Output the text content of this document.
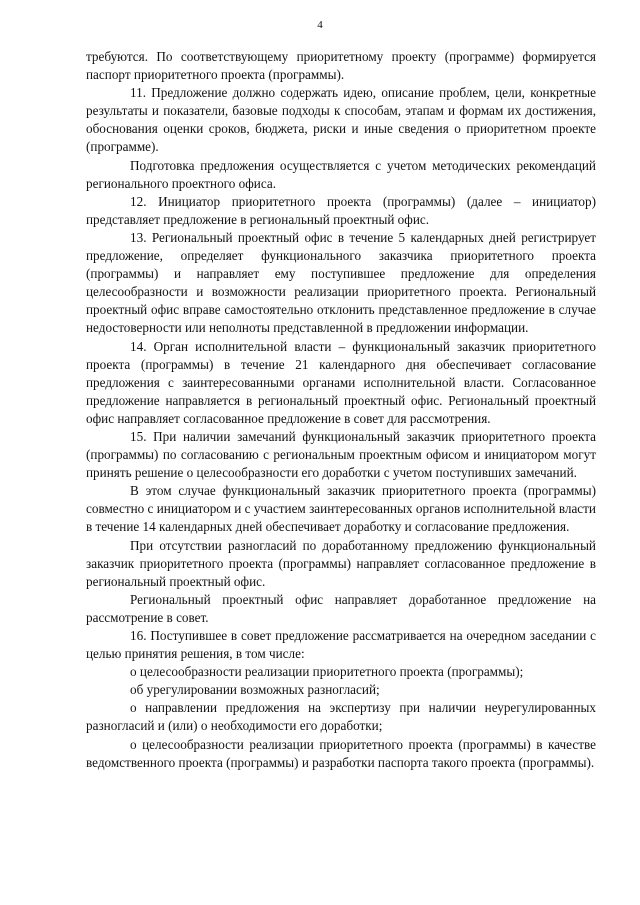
4

требуются. По соответствующему приоритетному проекту (программе) формируется паспорт приоритетного проекта (программы).

11. Предложение должно содержать идею, описание проблем, цели, конкретные результаты и показатели, базовые подходы к способам, этапам и формам их достижения, обоснования оценки сроков, бюджета, риски и иные сведения о приоритетном проекте (программе).

Подготовка предложения осуществляется с учетом методических рекомендаций регионального проектного офиса.

12. Инициатор приоритетного проекта (программы) (далее – инициатор) представляет предложение в региональный проектный офис.

13. Региональный проектный офис в течение 5 календарных дней регистрирует предложение, определяет функционального заказчика приоритетного проекта (программы) и направляет ему поступившее предложение для определения целесообразности и возможности реализации приоритетного проекта. Региональный проектный офис вправе самостоятельно отклонить представленное предложение в случае недостоверности или неполноты представленной в предложении информации.

14. Орган исполнительной власти – функциональный заказчик приоритетного проекта (программы) в течение 21 календарного дня обеспечивает согласование предложения с заинтересованными органами исполнительной власти. Согласованное предложение направляется в региональный проектный офис. Региональный проектный офис направляет согласованное предложение в совет для рассмотрения.

15. При наличии замечаний функциональный заказчик приоритетного проекта (программы) по согласованию с региональным проектным офисом и инициатором могут принять решение о целесообразности его доработки с учетом поступивших замечаний.

В этом случае функциональный заказчик приоритетного проекта (программы) совместно с инициатором и с участием заинтересованных органов исполнительной власти в течение 14 календарных дней обеспечивает доработку и согласование предложения.

При отсутствии разногласий по доработанному предложению функциональный заказчик приоритетного проекта (программы) направляет согласованное предложение в региональный проектный офис.

Региональный проектный офис направляет доработанное предложение на рассмотрение в совет.

16. Поступившее в совет предложение рассматривается на очередном заседании с целью принятия решения, в том числе:

о целесообразности реализации приоритетного проекта (программы);

об урегулировании возможных разногласий;

о направлении предложения на экспертизу при наличии неурегулированных разногласий и (или) о необходимости его доработки;

о целесообразности реализации приоритетного проекта (программы) в качестве ведомственного проекта (программы) и разработки паспорта такого проекта (программы).
